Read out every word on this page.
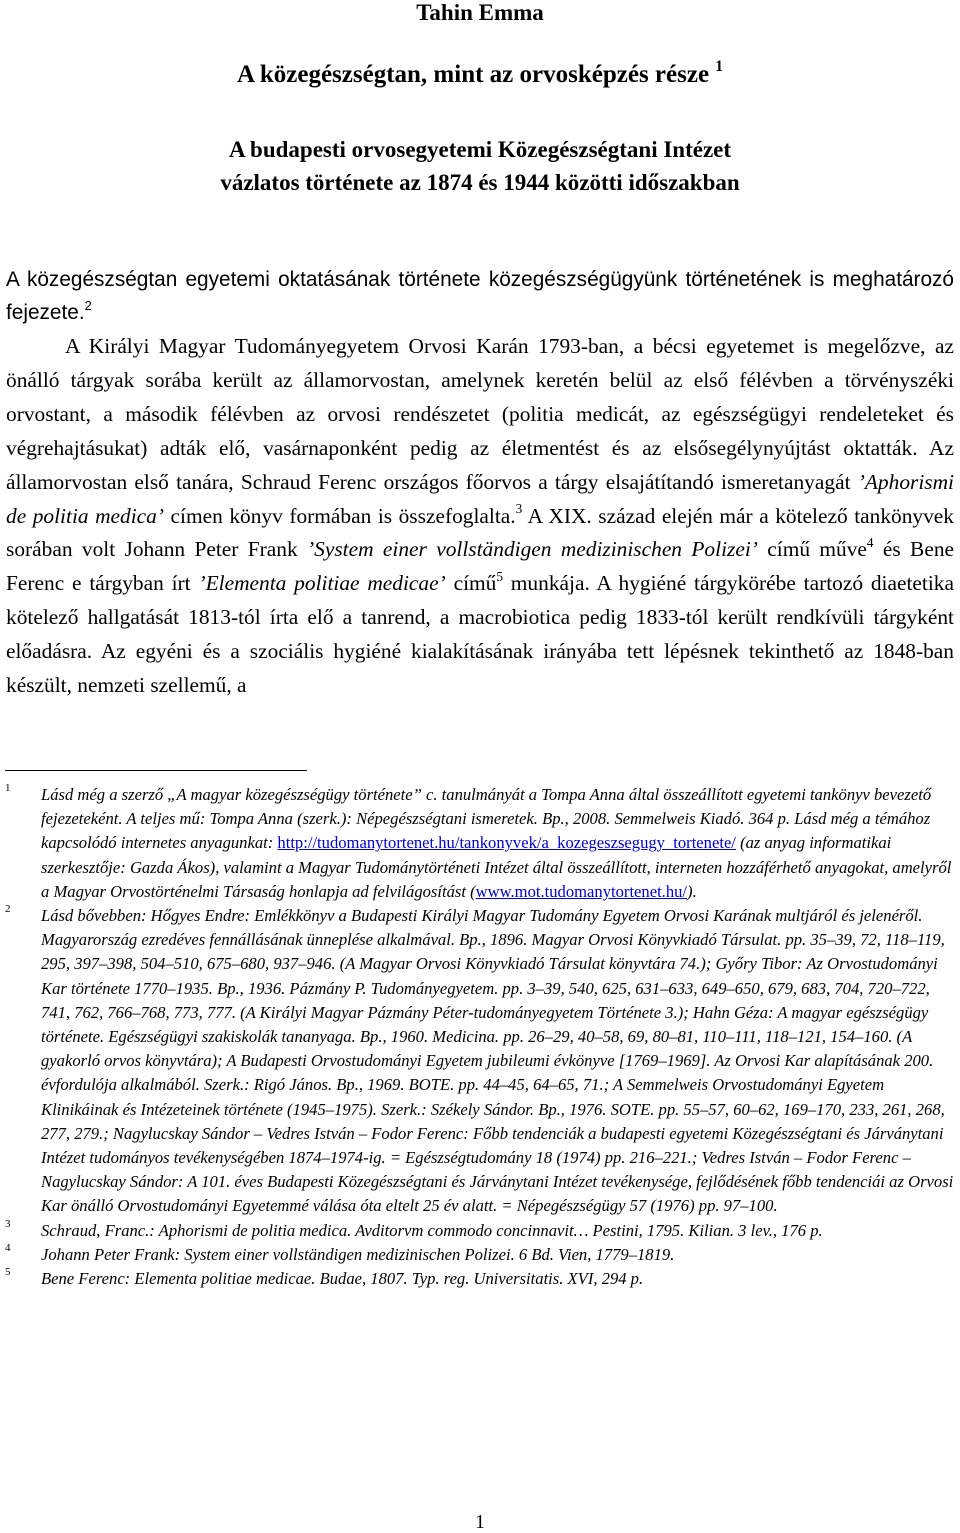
Tahin Emma
A közegészségtan, mint az orvosképzés része $^1$
A budapesti orvosegyetemi Közegészségtani Intézet
vázlatos története az 1874 és 1944 közötti időszakban
A közegészségtan egyetemi oktatásának története közegészségügyünk történetének is meghatározó fejezete.$^2$
A Királyi Magyar Tudományegyetem Orvosi Karán 1793-ban, a bécsi egyetemet is megelőzve, az önálló tárgyak sorába került az államorvostan, amelynek keretén belül az első félévben a törvényszéki orvostant, a második félévben az orvosi rendészetet (politia medicát, az egészségügyi rendeleteket és végrehajtásukat) adták elő, vasárnaponként pedig az életmentést és az elsősegélynyújtást oktatták. Az államorvostan első tanára, Schraud Ferenc országos főorvos a tárgy elsajátítandó ismeretanyagát ’Aphorismi de politia medica’ címen könyv formában is összefoglalta.$^3$ A XIX. század elején már a kötelező tankönyvek sorában volt Johann Peter Frank ’System einer vollständigen medizinischen Polizei’ című műve$^4$ és Bene Ferenc e tárgyban írt ’Elementa politiae medicae’ című$^5$ munkája. A hygiéné tárgykörébe tartozó diaetetika kötelező hallgatását 1813-tól írta elő a tanrend, a macrobiotica pedig 1833-tól került rendkívüli tárgyként előadásra. Az egyéni és a szociális hygiéné kialakításának irányába tett lépésnek tekinthető az 1848-ban készült, nemzeti szellemű, a
1 Lásd még a szerző „A magyar közegészségügy története” c. tanulmányát a Tompa Anna által összeállított egyetemi tankönyv bevezető fejezeteként. A teljes mű: Tompa Anna (szerk.): Népegészségtani ismeretek. Bp., 2008. Semmelweis Kiadó. 364 p. Lásd még a témához kapcsolódó internetes anyagunkat: http://tudomanytortenet.hu/tankonyvek/a_kozegeszsegugy_tortenete/ (az anyag informatikai szerkesztője: Gazda Ákos), valamint a Magyar Tudománytörténeti Intézet által összeállított, interneten hozzáférhető anyagokat, amelyről a Magyar Orvostörténelmi Társaság honlapja ad felvilágosítást (www.mot.tudomanytortenet.hu/).
2 Lásd bővebben: Hőgyes Endre: Emlékkönyv a Budapesti Királyi Magyar Tudomány Egyetem Orvosi Karának multjáról és jelenéről. Magyarország ezredéves fennállásának ünneplése alkalmával. Bp., 1896. Magyar Orvosi Könyvkiadó Társulat. pp. 35–39, 72, 118–119, 295, 397–398, 504–510, 675–680, 937–946. (A Magyar Orvosi Könyvkiadó Társulat könyvtára 74.); Győry Tibor: Az Orvostudományi Kar története 1770–1935. Bp., 1936. Pázmány P. Tudományegyetem. pp. 3–39, 540, 625, 631–633, 649–650, 679, 683, 704, 720–722, 741, 762, 766–768, 773, 777. (A Királyi Magyar Pázmány Péter-tudományegyetem Története 3.); Hahn Géza: A magyar egészségügy története. Egészségügyi szakiskolák tananyaga. Bp., 1960. Medicina. pp. 26–29, 40–58, 69, 80–81, 110–111, 118–121, 154–160. (A gyakorló orvos könyvtára); A Budapesti Orvostudományi Egyetem jubileumi évkönyve [1769–1969]. Az Orvosi Kar alapításának 200. évfordulója alkalmából. Szerk.: Rigó János. Bp., 1969. BOTE. pp. 44–45, 64–65, 71.; A Semmelweis Orvostudományi Egyetem Klinikáinak és Intézeteinek története (1945–1975). Szerk.: Székely Sándor. Bp., 1976. SOTE. pp. 55–57, 60–62, 169–170, 233, 261, 268, 277, 279.; Nagylucskay Sándor – Vedres István – Fodor Ferenc: Főbb tendenciák a budapesti egyetemi Közegészségtani és Járványtani Intézet tudományos tevékenységében 1874–1974-ig. = Egészségtudomány 18 (1974) pp. 216–221.; Vedres István – Fodor Ferenc – Nagylucskay Sándor: A 101. éves Budapesti Közegészségtani és Járványtani Intézet tevékenysége, fejlődésének főbb tendenciái az Orvosi Kar önálló Orvostudományi Egyetemmé válása óta eltelt 25 év alatt. = Népegészségügy 57 (1976) pp. 97–100.
3 Schraud, Franc.: Aphorismi de politia medica. Avditorvm commodo concinnavit… Pestini, 1795. Kilian. 3 lev., 176 p.
4 Johann Peter Frank: System einer vollständigen medizinischen Polizei. 6 Bd. Vien, 1779–1819.
5 Bene Ferenc: Elementa politiae medicae. Budae, 1807. Typ. reg. Universitatis. XVI, 294 p.
1
